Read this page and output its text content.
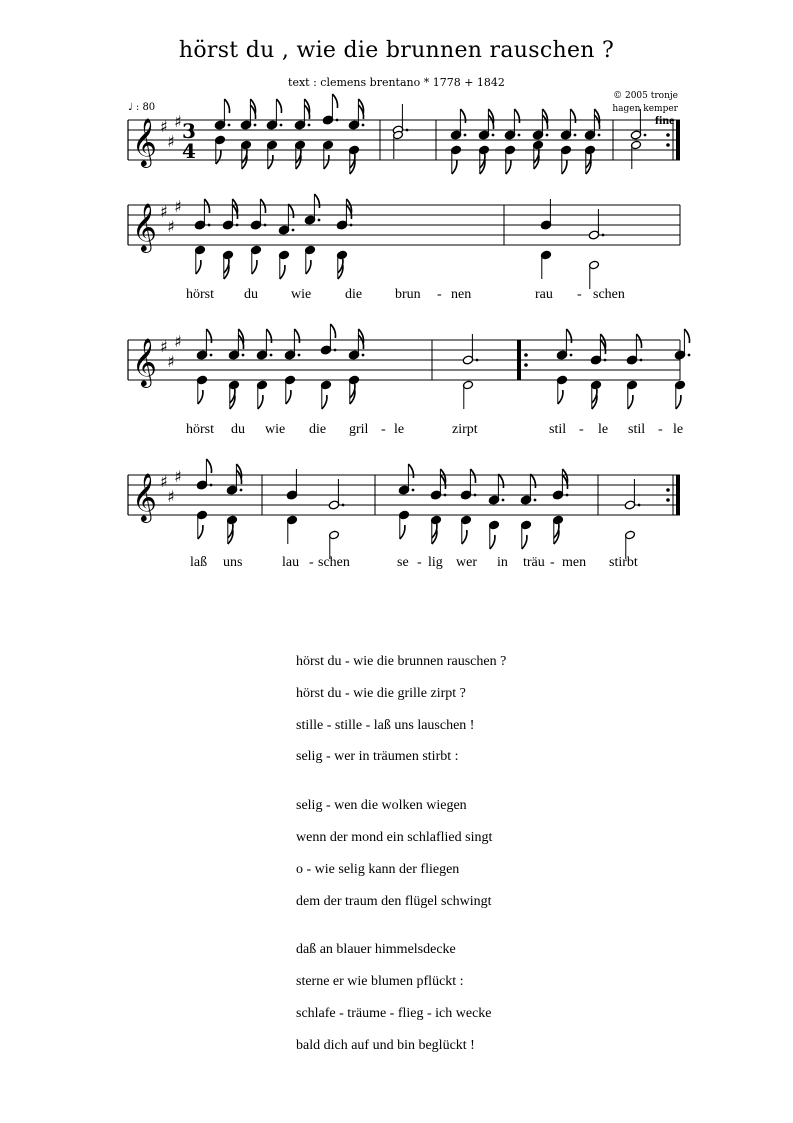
hörst du , wie die brunnen rauschen ?
text : clemens brentano * 1778 + 1842
© 2005 tronje
hagen kemper
♩ : 80
fine
𝄞 ♯
♯
♯ 3
4
𝄞 ♯
♯
♯
𝄞 ♯
♯
♯
𝄞 ♯
♯
♯
hörst du wie die brun - nen	rau - schen
hörst du wie die gril - le	zirpt	stil - le stil - le
laß uns	lau - schen	se - lig wer in träu - men stirbt
hörst du - wie die brunnen rauschen ?
hörst du - wie die grille zirpt ?
stille - stille - laß uns lauschen !
selig - wer in träumen stirbt :
selig - wen die wolken wiegen
wenn der mond ein schlaflied singt
o - wie selig kann der fliegen
dem der traum den flügel schwingt
daß an blauer himmelsdecke
sterne er wie blumen pflückt :
schlafe - träume - flieg - ich wecke
bald dich auf und bin beglückt !
